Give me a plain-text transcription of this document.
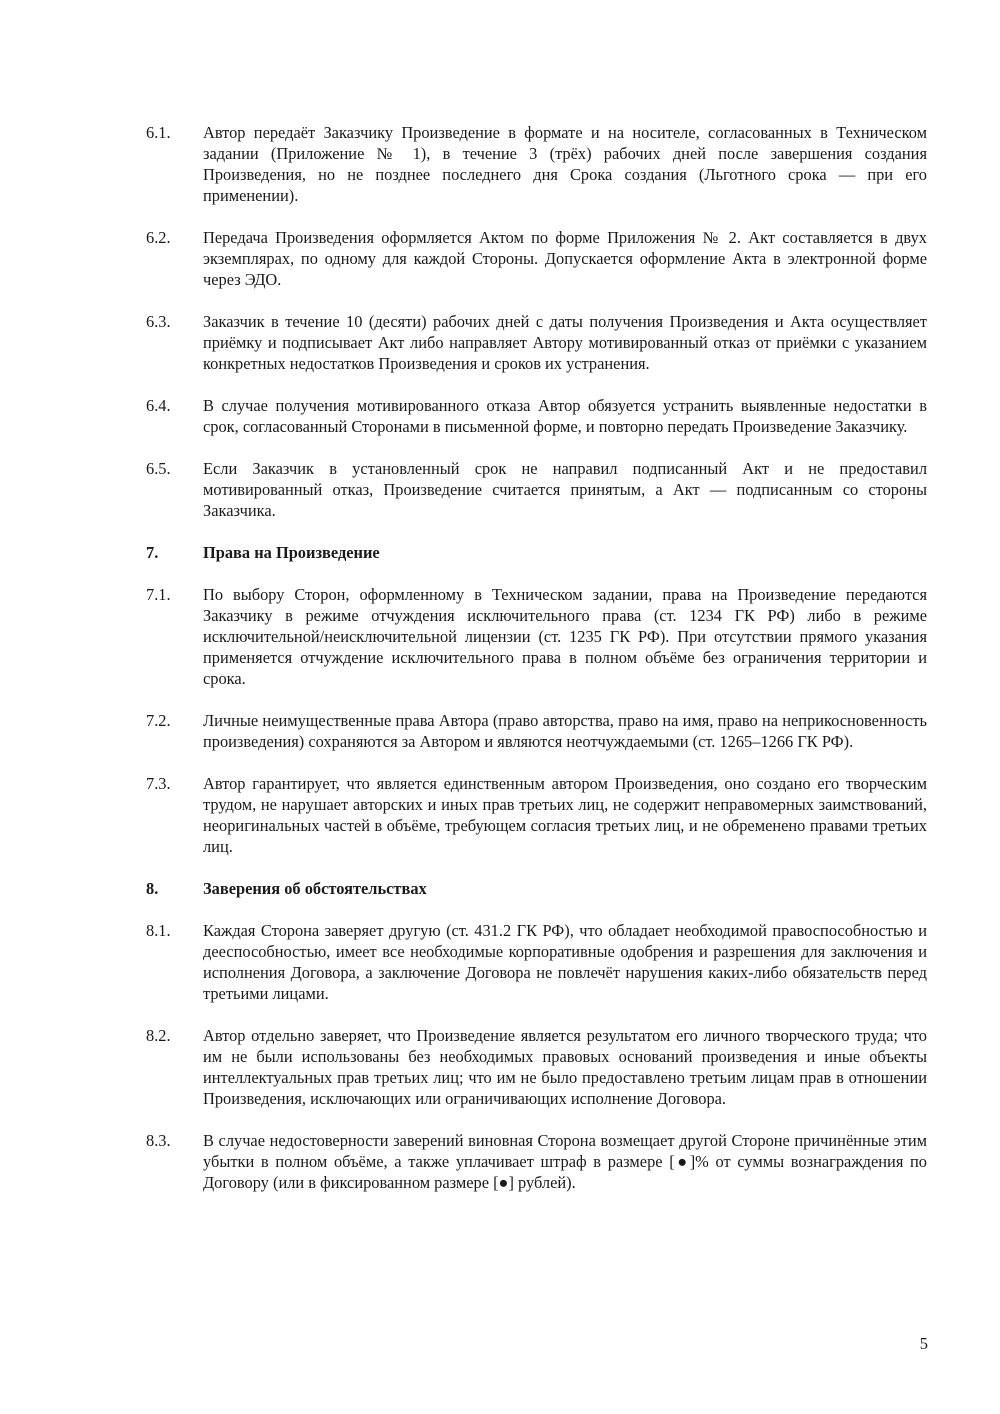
6.1.	Автор передаёт Заказчику Произведение в формате и на носителе, согласованных в Техническом задании (Приложение № 1), в течение 3 (трёх) рабочих дней после завершения создания Произведения, но не позднее последнего дня Срока создания (Льготного срока — при его применении).
6.2.	Передача Произведения оформляется Актом по форме Приложения № 2. Акт составляется в двух экземплярах, по одному для каждой Стороны. Допускается оформление Акта в электронной форме через ЭДО.
6.3.	Заказчик в течение 10 (десяти) рабочих дней с даты получения Произведения и Акта осуществляет приёмку и подписывает Акт либо направляет Автору мотивированный отказ от приёмки с указанием конкретных недостатков Произведения и сроков их устранения.
6.4.	В случае получения мотивированного отказа Автор обязуется устранить выявленные недостатки в срок, согласованный Сторонами в письменной форме, и повторно передать Произведение Заказчику.
6.5.	Если Заказчик в установленный срок не направил подписанный Акт и не предоставил мотивированный отказ, Произведение считается принятым, а Акт — подписанным со стороны Заказчика.
7.	Права на Произведение
7.1.	По выбору Сторон, оформленному в Техническом задании, права на Произведение передаются Заказчику в режиме отчуждения исключительного права (ст. 1234 ГК РФ) либо в режиме исключительной/неисключительной лицензии (ст. 1235 ГК РФ). При отсутствии прямого указания применяется отчуждение исключительного права в полном объёме без ограничения территории и срока.
7.2.	Личные неимущественные права Автора (право авторства, право на имя, право на неприкосновенность произведения) сохраняются за Автором и являются неотчуждаемыми (ст. 1265–1266 ГК РФ).
7.3.	Автор гарантирует, что является единственным автором Произведения, оно создано его творческим трудом, не нарушает авторских и иных прав третьих лиц, не содержит неправомерных заимствований, неоригинальных частей в объёме, требующем согласия третьих лиц, и не обременено правами третьих лиц.
8.	Заверения об обстоятельствах
8.1.	Каждая Сторона заверяет другую (ст. 431.2 ГК РФ), что обладает необходимой правоспособностью и дееспособностью, имеет все необходимые корпоративные одобрения и разрешения для заключения и исполнения Договора, а заключение Договора не повлечёт нарушения каких-либо обязательств перед третьими лицами.
8.2.	Автор отдельно заверяет, что Произведение является результатом его личного творческого труда; что им не были использованы без необходимых правовых оснований произведения и иные объекты интеллектуальных прав третьих лиц; что им не было предоставлено третьим лицам прав в отношении Произведения, исключающих или ограничивающих исполнение Договора.
8.3.	В случае недостоверности заверений виновная Сторона возмещает другой Стороне причинённые этим убытки в полном объёме, а также уплачивает штраф в размере [●]% от суммы вознаграждения по Договору (или в фиксированном размере [●] рублей).
5
